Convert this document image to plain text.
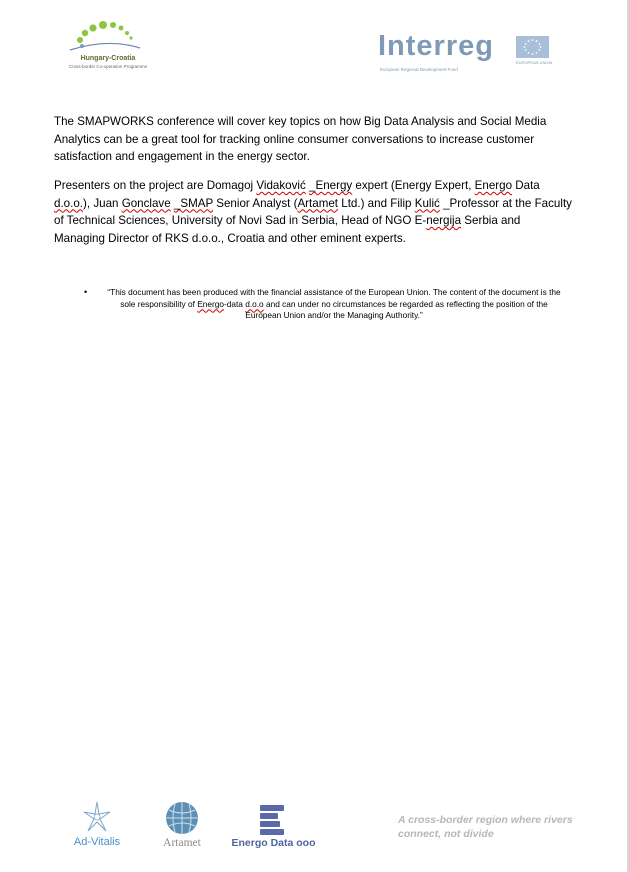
Hungary-Croatia
Cross-border Co-operation Programme
Interreg
European Regional Development Fund
EUROPEAN UNION
The SMAPWORKS conference will cover key topics on how Big Data Analysis and Social Media Analytics can be a great tool for tracking online consumer conversations to increase customer satisfaction and engagement in the energy sector.
Presenters on the project are Domagoj Vidaković _Energy expert (Energy Expert, Energo Data d.o.o.), Juan Gonclave _SMAP Senior Analyst (Artamet Ltd.) and Filip Kulić _Professor at the Faculty of Technical Sciences, University of Novi Sad in Serbia, Head of NGO E-nergija Serbia and Managing Director of RKS d.o.o., Croatia and other eminent experts.
•	“This document has been produced with the financial assistance of the European Union. The content of the document is the sole responsibility of Energo-data d.o.o and can under no circumstances be regarded as reflecting the position of the European Union and/or the Managing Authority.”
Ad-Vitalis	Artamet	Energo Data ooo
A cross-border region where rivers connect, not divide
